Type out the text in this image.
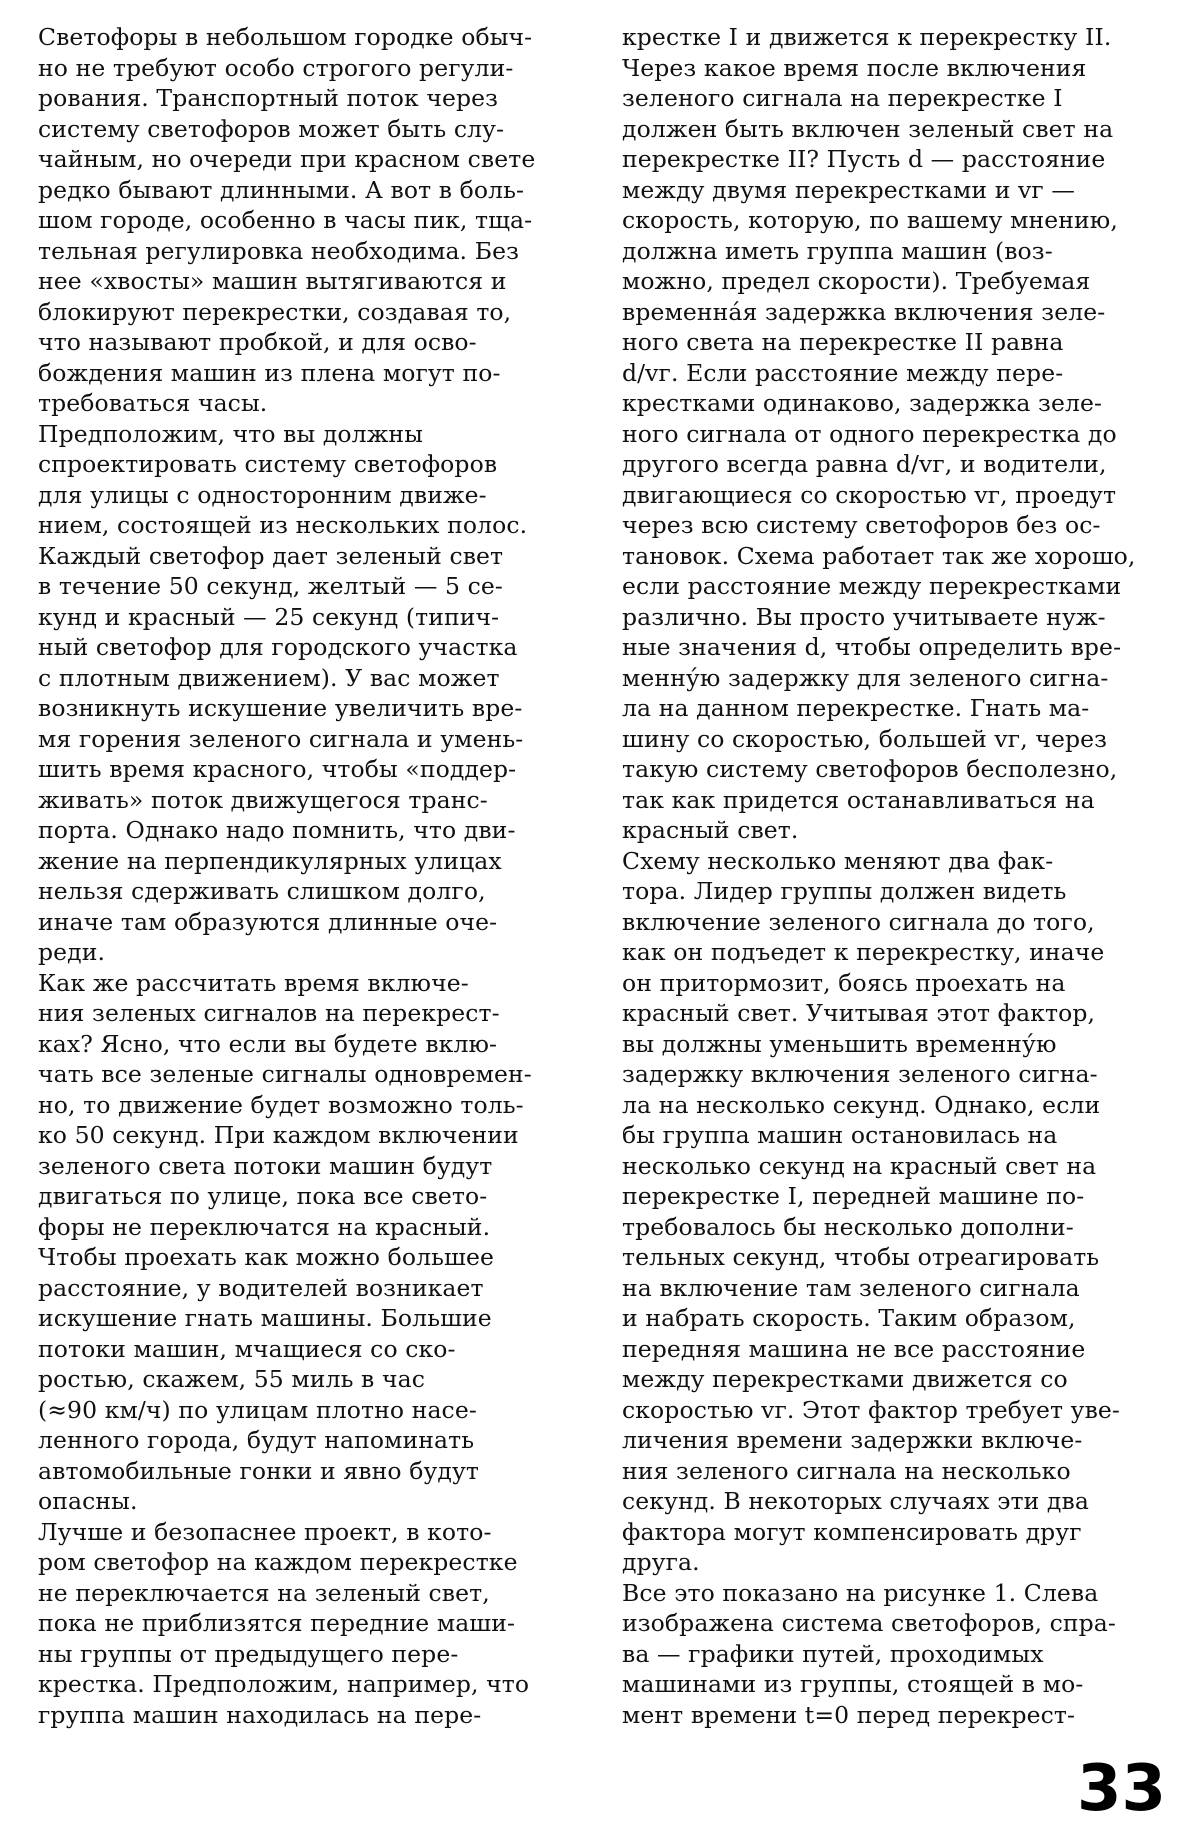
Светофоры в небольшом городке обыч-
но не требуют особо строгого регули-
рования. Транспортный поток через
систему светофоров может быть слу-
чайным, но очереди при красном свете
редко бывают длинными. А вот в боль-
шом городе, особенно в часы пик, тща-
тельная регулировка необходима. Без
нее «хвосты» машин вытягиваются и
блокируют перекрестки, создавая то,
что называют пробкой, и для осво-
бождения машин из плена могут по-
требоваться часы.
Предположим, что вы должны
спроектировать систему светофоров
для улицы с односторонним движе-
нием, состоящей из нескольких полос.
Каждый светофор дает зеленый свет
в течение 50 секунд, желтый — 5 се-
кунд и красный — 25 секунд (типич-
ный светофор для городского участка
с плотным движением). У вас может
возникнуть искушение увеличить вре-
мя горения зеленого сигнала и умень-
шить время красного, чтобы «поддер-
живать» поток движущегося транс-
порта. Однако надо помнить, что дви-
жение на перпендикулярных улицах
нельзя сдерживать слишком долго,
иначе там образуются длинные оче-
реди.
Как же рассчитать время включе-
ния зеленых сигналов на перекрест-
ках? Ясно, что если вы будете вклю-
чать все зеленые сигналы одновремен-
но, то движение будет возможно толь-
ко 50 секунд. При каждом включении
зеленого света потоки машин будут
двигаться по улице, пока все свето-
форы не переключатся на красный.
Чтобы проехать как можно большее
расстояние, у водителей возникает
искушение гнать машины. Большие
потоки машин, мчащиеся со ско-
ростью, скажем, 55 миль в час
(≈90 км/ч) по улицам плотно насе-
ленного города, будут напоминать
автомобильные гонки и явно будут
опасны.
Лучше и безопаснее проект, в кото-
ром светофор на каждом перекрестке
не переключается на зеленый свет,
пока не приблизятся передние маши-
ны группы от предыдущего пере-
крестка. Предположим, например, что
группа машин находилась на пере-
крестке I и движется к перекрестку II.
Через какое время после включения
зеленого сигнала на перекрестке I
должен быть включен зеленый свет на
перекрестке II? Пусть d — расстояние
между двумя перекрестками и vг —
скорость, которую, по вашему мнению,
должна иметь группа машин (воз-
можно, предел скорости). Требуемая
временна́я задержка включения зеле-
ного света на перекрестке II равна
d/vг. Если расстояние между пере-
крестками одинаково, задержка зеле-
ного сигнала от одного перекрестка до
другого всегда равна d/vг, и водители,
двигающиеся со скоростью vг, проедут
через всю систему светофоров без ос-
тановок. Схема работает так же хорошо,
если расстояние между перекрестками
различно. Вы просто учитываете нуж-
ные значения d, чтобы определить вре-
менну́ю задержку для зеленого сигна-
ла на данном перекрестке. Гнать ма-
шину со скоростью, большей vг, через
такую систему светофоров бесполезно,
так как придется останавливаться на
красный свет.
Схему несколько меняют два фак-
тора. Лидер группы должен видеть
включение зеленого сигнала до того,
как он подъедет к перекрестку, иначе
он притормозит, боясь проехать на
красный свет. Учитывая этот фактор,
вы должны уменьшить временну́ю
задержку включения зеленого сигна-
ла на несколько секунд. Однако, если
бы группа машин остановилась на
несколько секунд на красный свет на
перекрестке I, передней машине по-
требовалось бы несколько дополни-
тельных секунд, чтобы отреагировать
на включение там зеленого сигнала
и набрать скорость. Таким образом,
передняя машина не все расстояние
между перекрестками движется со
скоростью vг. Этот фактор требует уве-
личения времени задержки включе-
ния зеленого сигнала на несколько
секунд. В некоторых случаях эти два
фактора могут компенсировать друг
друга.
Все это показано на рисунке 1. Слева
изображена система светофоров, спра-
ва — графики путей, проходимых
машинами из группы, стоящей в мо-
мент времени t=0 перед перекрест-
33
